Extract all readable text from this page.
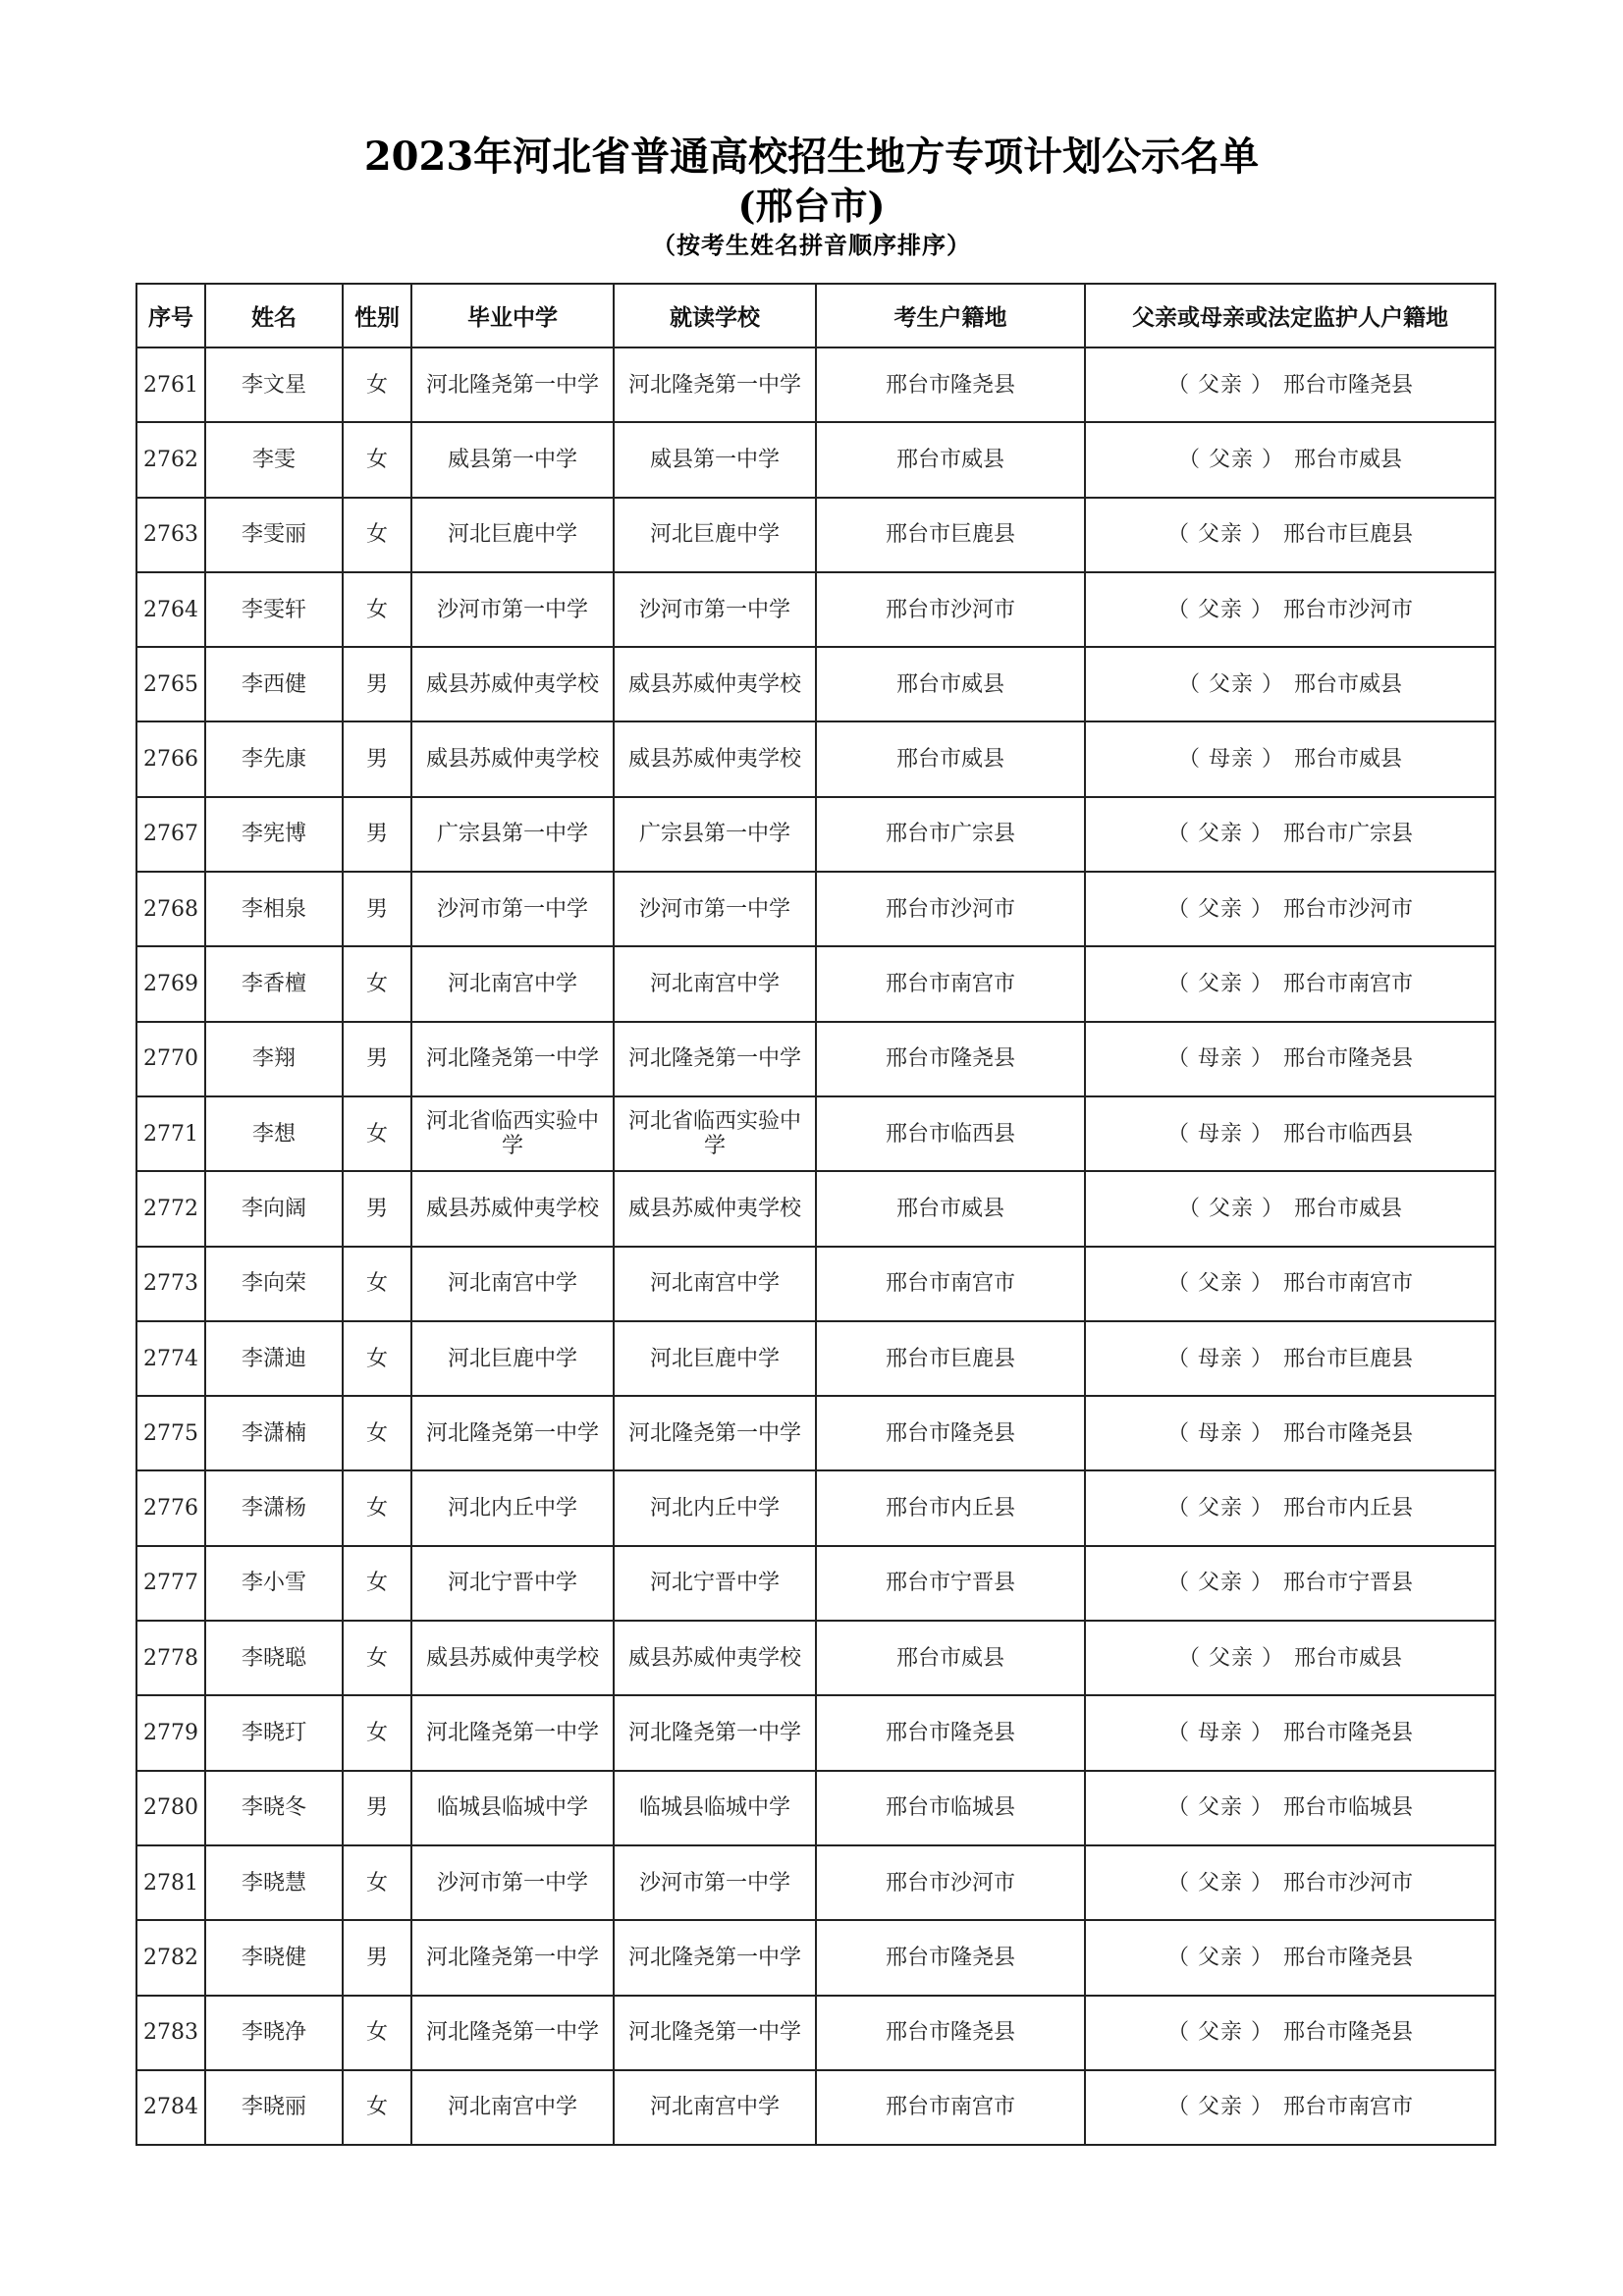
2023年河北省普通高校招生地方专项计划公示名单
(邢台市)
（按考生姓名拼音顺序排序）
序号	姓名	性别	毕业中学	就读学校	考生户籍地	父亲或母亲或法定监护人户籍地
2761	李文星	女	河北隆尧第一中学	河北隆尧第一中学	邢台市隆尧县	（ 父亲 ） 邢台市隆尧县
2762	李雯	女	威县第一中学	威县第一中学	邢台市威县	（ 父亲 ） 邢台市威县
2763	李雯丽	女	河北巨鹿中学	河北巨鹿中学	邢台市巨鹿县	（ 父亲 ） 邢台市巨鹿县
2764	李雯轩	女	沙河市第一中学	沙河市第一中学	邢台市沙河市	（ 父亲 ） 邢台市沙河市
2765	李西健	男	威县苏威仲夷学校	威县苏威仲夷学校	邢台市威县	（ 父亲 ） 邢台市威县
2766	李先康	男	威县苏威仲夷学校	威县苏威仲夷学校	邢台市威县	（ 母亲 ） 邢台市威县
2767	李宪博	男	广宗县第一中学	广宗县第一中学	邢台市广宗县	（ 父亲 ） 邢台市广宗县
2768	李相泉	男	沙河市第一中学	沙河市第一中学	邢台市沙河市	（ 父亲 ） 邢台市沙河市
2769	李香檀	女	河北南宫中学	河北南宫中学	邢台市南宫市	（ 父亲 ） 邢台市南宫市
2770	李翔	男	河北隆尧第一中学	河北隆尧第一中学	邢台市隆尧县	（ 母亲 ） 邢台市隆尧县
2771	李想	女	河北省临西实验中学	河北省临西实验中学	邢台市临西县	（ 母亲 ） 邢台市临西县
2772	李向阔	男	威县苏威仲夷学校	威县苏威仲夷学校	邢台市威县	（ 父亲 ） 邢台市威县
2773	李向荣	女	河北南宫中学	河北南宫中学	邢台市南宫市	（ 父亲 ） 邢台市南宫市
2774	李潇迪	女	河北巨鹿中学	河北巨鹿中学	邢台市巨鹿县	（ 母亲 ） 邢台市巨鹿县
2775	李潇楠	女	河北隆尧第一中学	河北隆尧第一中学	邢台市隆尧县	（ 母亲 ） 邢台市隆尧县
2776	李潇杨	女	河北内丘中学	河北内丘中学	邢台市内丘县	（ 父亲 ） 邢台市内丘县
2777	李小雪	女	河北宁晋中学	河北宁晋中学	邢台市宁晋县	（ 父亲 ） 邢台市宁晋县
2778	李晓聪	女	威县苏威仲夷学校	威县苏威仲夷学校	邢台市威县	（ 父亲 ） 邢台市威县
2779	李晓玎	女	河北隆尧第一中学	河北隆尧第一中学	邢台市隆尧县	（ 母亲 ） 邢台市隆尧县
2780	李晓冬	男	临城县临城中学	临城县临城中学	邢台市临城县	（ 父亲 ） 邢台市临城县
2781	李晓慧	女	沙河市第一中学	沙河市第一中学	邢台市沙河市	（ 父亲 ） 邢台市沙河市
2782	李晓健	男	河北隆尧第一中学	河北隆尧第一中学	邢台市隆尧县	（ 父亲 ） 邢台市隆尧县
2783	李晓净	女	河北隆尧第一中学	河北隆尧第一中学	邢台市隆尧县	（ 父亲 ） 邢台市隆尧县
2784	李晓丽	女	河北南宫中学	河北南宫中学	邢台市南宫市	（ 父亲 ） 邢台市南宫市
